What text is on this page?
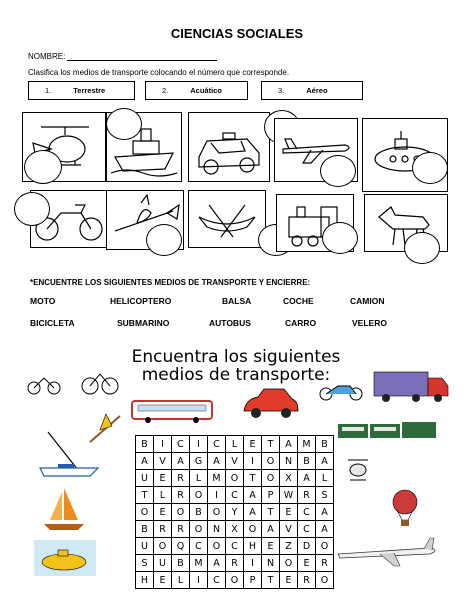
CIENCIAS SOCIALES
NOMBRE:
Clasifica los medios de transporte colocando el número que corresponde.
1.	Terrestre	2.	Acuático	3.	Aéreo
*ENCUENTRE LOS SIGUIENTES MEDIOS DE TRANSPORTE Y ENCIERRE:
MOTO	HELICOPTERO	BALSA	COCHE	CAMION
BICICLETA	SUBMARINO	AUTOBUS	CARRO	VELERO
Encuentra los siguientes
medios de transporte:
B	I	C	I	C	L	E	T	A	M	B
A	V	A	G	A	V	I	O	N	B	A
U	E	R	L	M	O	T	O	X	A	L
T	L	R	O	I	C	A	P	W	R	S
O	E	O	B	O	Y	A	T	E	C	A
B	R	R	O	N	X	O	A	V	C	A
U	O	Q	C	O	C	H	E	Z	D	O
S	U	B	M	A	R	I	N	O	E	R
H	E	L	I	C	O	P	T	E	R	O
